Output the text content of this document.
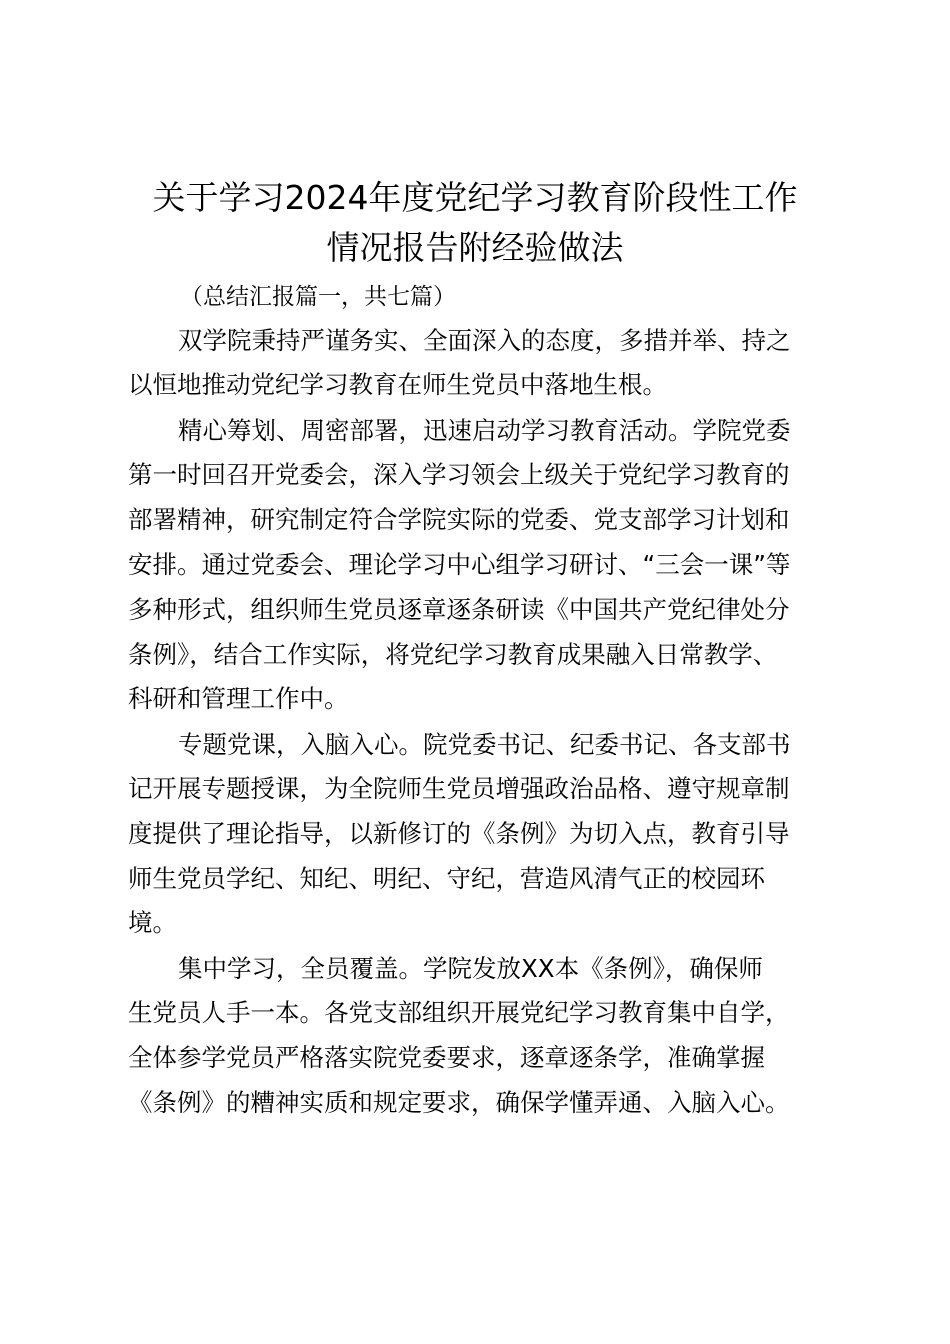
关于学习2024年度党纪学习教育阶段性工作
情况报告附经验做法

（总结汇报篇一，共七篇）

双学院秉持严谨务实、全面深入的态度，多措并举、持之

以恒地推动党纪学习教育在师生党员中落地生根。

精心筹划、周密部署，迅速启动学习教育活动。学院党委

第一时回召开党委会，深入学习领会上级关于党纪学习教育的

部署精神，研究制定符合学院实际的党委、党支部学习计划和

安排。通过党委会、理论学习中心组学习研讨、“三会一课”等

多种形式，组织师生党员逐章逐条研读《中国共产党纪律处分

条例》，结合工作实际，将党纪学习教育成果融入日常教学、

科研和管理工作中。

专题党课，入脑入心。院党委书记、纪委书记、各支部书

记开展专题授课，为全院师生党员增强政治品格、遵守规章制

度提供了理论指导，以新修订的《条例》为切入点，教育引导

师生党员学纪、知纪、明纪、守纪，营造风清气正的校园环

境。

集中学习，全员覆盖。学院发放XX本《条例》，确保师

生党员人手一本。各党支部组织开展党纪学习教育集中自学，

全体参学党员严格落实院党委要求，逐章逐条学，准确掌握

《条例》的糟神实质和规定要求，确保学懂弄通、入脑入心。
